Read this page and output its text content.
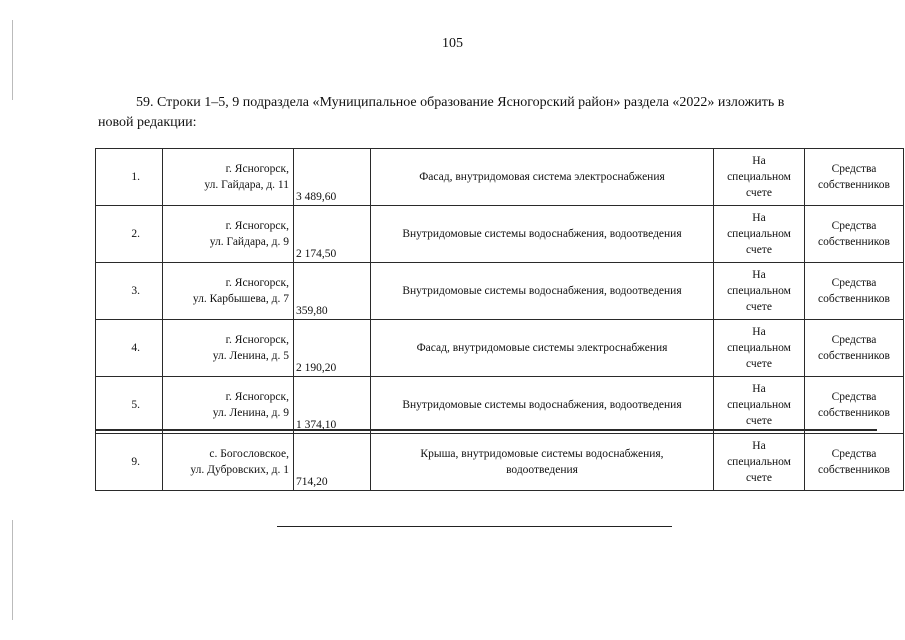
105
59. Строки 1–5, 9 подраздела «Муниципальное образование Ясногорский район» раздела «2022» изложить в
новой редакции:
1.	г. Ясногорск,
ул. Гайдара, д. 11	3 489,60	Фасад, внутридомовая система электроснабжения	На
специальном
счете	Средства
собственников
2.	г. Ясногорск,
ул. Гайдара, д. 9	2 174,50	Внутридомовые системы водоснабжения, водоотведения	На
специальном
счете	Средства
собственников
3.	г. Ясногорск,
ул. Карбышева, д. 7	359,80	Внутридомовые системы водоснабжения, водоотведения	На
специальном
счете	Средства
собственников
4.	г. Ясногорск,
ул. Ленина, д. 5	2 190,20	Фасад, внутридомовые системы электроснабжения	На
специальном
счете	Средства
собственников
5.	г. Ясногорск,
ул. Ленина, д. 9	1 374,10	Внутридомовые системы водоснабжения, водоотведения	На
специальном
счете	Средства
собственников
9.	с. Богословское,
ул. Дубровских, д. 1	714,20	Крыша, внутридомовые системы водоснабжения,
водоотведения	На
специальном
счете	Средства
собственников
